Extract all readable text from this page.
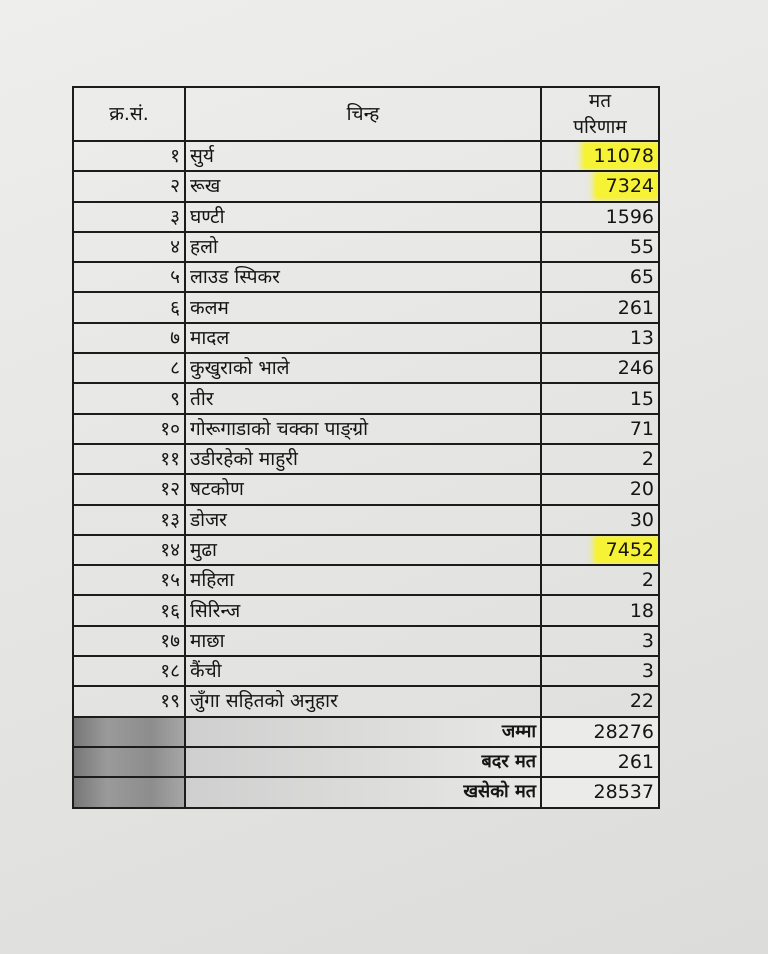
क्र.सं.	चिन्ह	मत
परिणाम

१	सुर्य	11078
२	रूख	7324
३	घण्टी	1596
४	हलो	55
५	लाउड स्पिकर	65
६	कलम	261
७	मादल	13
८	कुखुराको भाले	246
९	तीर	15
१०	गोरूगाडाको चक्का पाङ्ग्रो	71
११	उडीरहेको माहुरी	2
१२	षटकोण	20
१३	डोजर	30
१४	मुढा	7452
१५	महिला	2
१६	सिरिन्ज	18
१७	माछा	3
१८	कैंची	3
१९	जुँगा सहितको अनुहार	22
	जम्मा	28276
	बदर मत	261
	खसेको मत	28537
